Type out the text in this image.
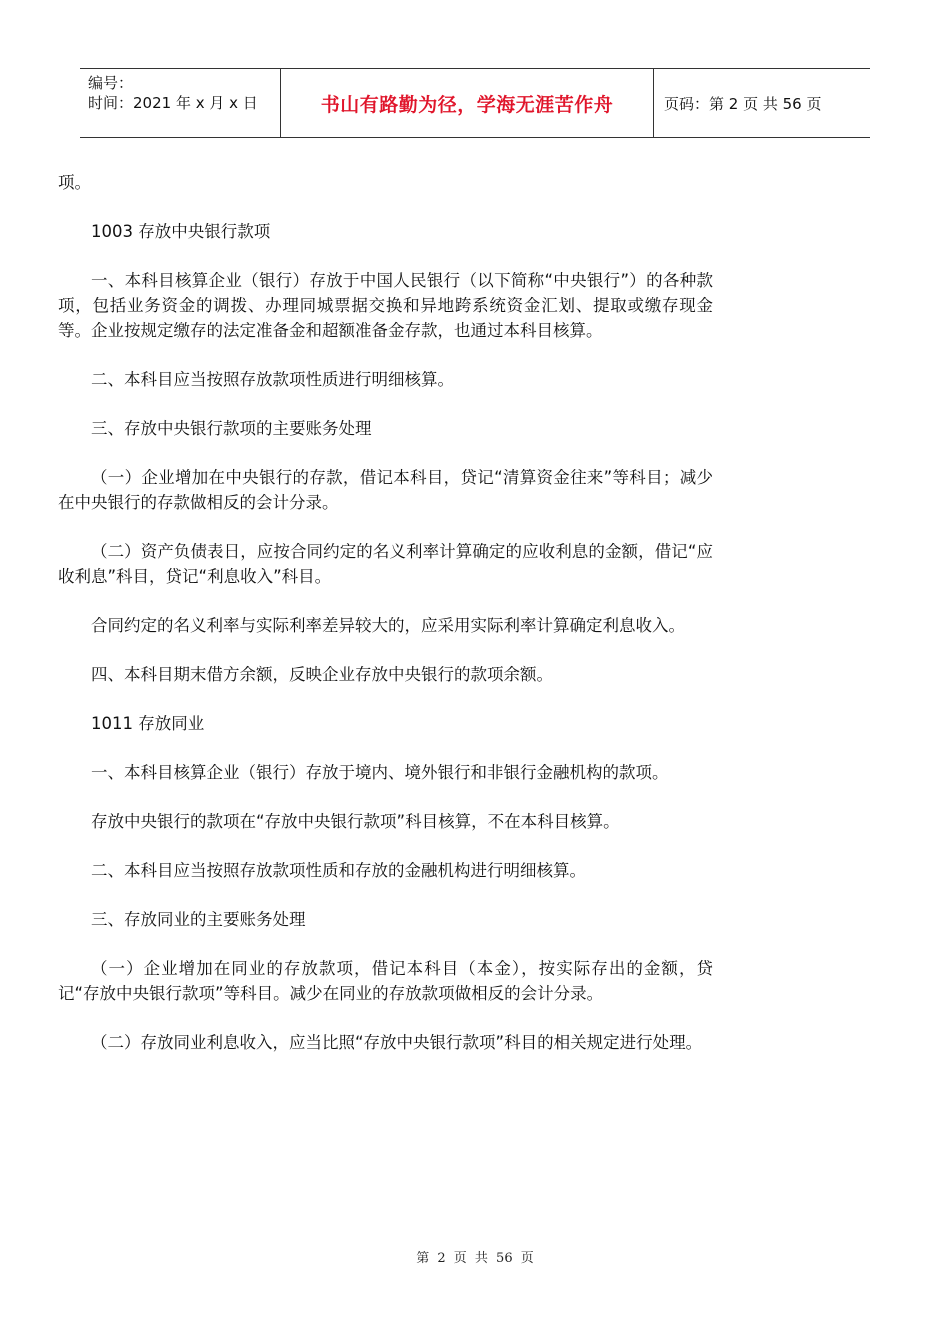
编号：
时间：2021 年 x 月 x 日	书山有路勤为径，学海无涯苦作舟	页码：第 2 页 共 56 页

项。

1003 存放中央银行款项

一、本科目核算企业（银行）存放于中国人民银行（以下简称“中央银行”）的各种款项，包括业务资金的调拨、办理同城票据交换和异地跨系统资金汇划、提取或缴存现金等。企业按规定缴存的法定准备金和超额准备金存款，也通过本科目核算。

二、本科目应当按照存放款项性质进行明细核算。

三、存放中央银行款项的主要账务处理

（一）企业增加在中央银行的存款，借记本科目，贷记“清算资金往来”等科目；减少在中央银行的存款做相反的会计分录。

（二）资产负债表日，应按合同约定的名义利率计算确定的应收利息的金额，借记“应收利息”科目，贷记“利息收入”科目。

合同约定的名义利率与实际利率差异较大的，应采用实际利率计算确定利息收入。

四、本科目期末借方余额，反映企业存放中央银行的款项余额。

1011 存放同业

一、本科目核算企业（银行）存放于境内、境外银行和非银行金融机构的款项。

存放中央银行的款项在“存放中央银行款项”科目核算，不在本科目核算。

二、本科目应当按照存放款项性质和存放的金融机构进行明细核算。

三、存放同业的主要账务处理

（一）企业增加在同业的存放款项，借记本科目（本金），按实际存出的金额，贷记“存放中央银行款项”等科目。减少在同业的存放款项做相反的会计分录。

（二）存放同业利息收入，应当比照“存放中央银行款项”科目的相关规定进行处理。

第 2 页 共 56 页
